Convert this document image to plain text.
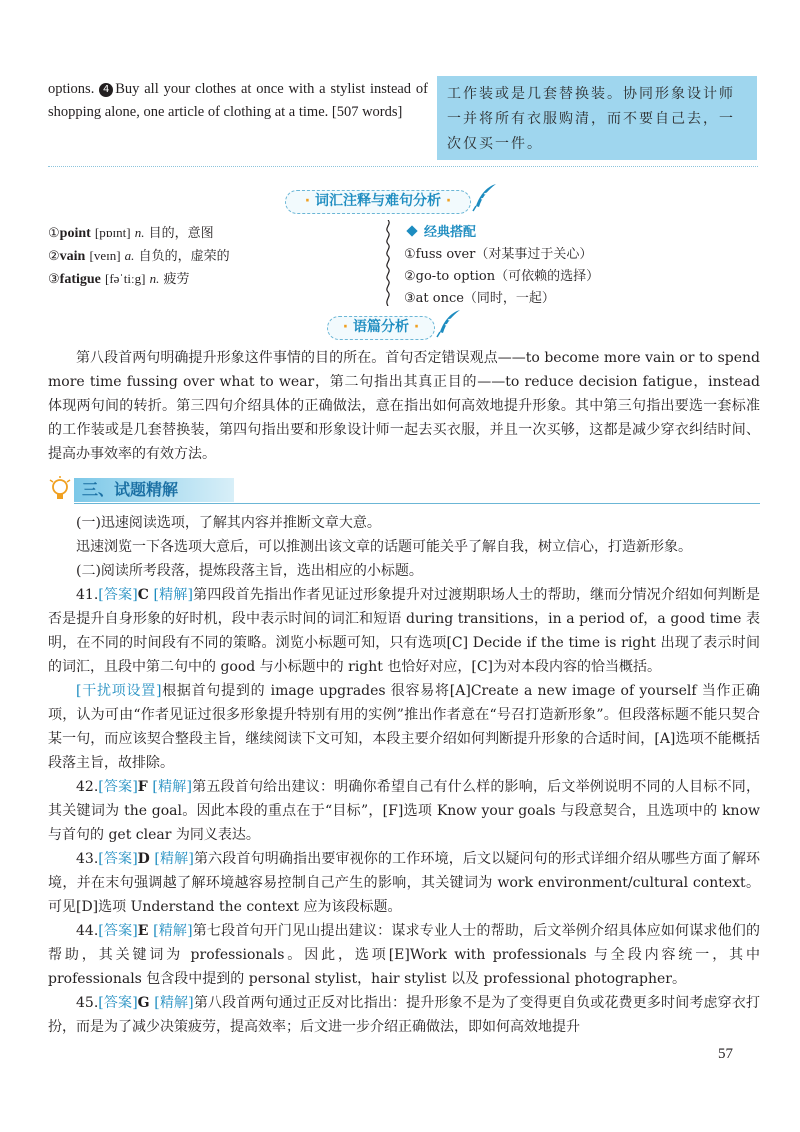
options. 4 Buy all your clothes at once with a stylist instead of shopping alone, one article of clothing at a time. [507 words]
工作装或是几套替换装。协同形象设计师一并将所有衣服购清，而不要自己去，一次仅买一件。
· 词汇注释与难句分析 ·
①point [pɒɪnt] n. 目的，意图
②vain [veɪn] a. 自负的，虚荣的
③fatigue [fəˈtiːg] n. 疲劳
经典搭配
①fuss over（对某事过于关心）
②go-to option（可依赖的选择）
③at once（同时，一起）
· 语篇分析 ·

第八段首两句明确提升形象这件事情的目的所在。首句否定错误观点——to become more vain or to spend more time fussing over what to wear，第二句指出其真正目的——to reduce decision fatigue，instead 体现两句间的转折。第三四句介绍具体的正确做法，意在指出如何高效地提升形象。其中第三句指出要选一套标准的工作装或是几套替换装，第四句指出要和形象设计师一起去买衣服，并且一次买够，这都是减少穿衣纠结时间、提高办事效率的有效方法。

三、试题精解

(一)迅速阅读选项，了解其内容并推断文章大意。

迅速浏览一下各选项大意后，可以推测出该文章的话题可能关乎了解自我，树立信心，打造新形象。

(二)阅读所考段落，提炼段落主旨，选出相应的小标题。

41.[答案]C [精解]第四段首先指出作者见证过形象提升对过渡期职场人士的帮助，继而分情况介绍如何判断是否是提升自身形象的好时机，段中表示时间的词汇和短语 during transitions，in a period of，a good time 表明，在不同的时间段有不同的策略。浏览小标题可知，只有选项[C] Decide if the time is right 出现了表示时间的词汇，且段中第二句中的 good 与小标题中的 right 也恰好对应，[C]为对本段内容的恰当概括。

[干扰项设置]根据首句提到的 image upgrades 很容易将[A]Create a new image of yourself 当作正确项，认为可由“作者见证过很多形象提升特别有用的实例”推出作者意在“号召打造新形象”。但段落标题不能只契合某一句，而应该契合整段主旨，继续阅读下文可知，本段主要介绍如何判断提升形象的合适时间，[A]选项不能概括段落主旨，故排除。

42.[答案]F [精解]第五段首句给出建议：明确你希望自己有什么样的影响，后文举例说明不同的人目标不同，其关键词为 the goal。因此本段的重点在于“目标”，[F]选项 Know your goals 与段意契合，且选项中的 know 与首句的 get clear 为同义表达。

43.[答案]D [精解]第六段首句明确指出要审视你的工作环境，后文以疑问句的形式详细介绍从哪些方面了解环境，并在末句强调越了解环境越容易控制自己产生的影响，其关键词为 work environment/cultural context。可见[D]选项 Understand the context 应为该段标题。

44.[答案]E [精解]第七段首句开门见山提出建议：谋求专业人士的帮助，后文举例介绍具体应如何谋求他们的帮助，其关键词为 professionals。因此，选项[E]Work with professionals 与全段内容统一，其中 professionals 包含段中提到的 personal stylist，hair stylist 以及 professional photographer。

45.[答案]G [精解]第八段首两句通过正反对比指出：提升形象不是为了变得更自负或花费更多时间考虑穿衣打扮，而是为了减少决策疲劳，提高效率；后文进一步介绍正确做法，即如何高效地提升

57
